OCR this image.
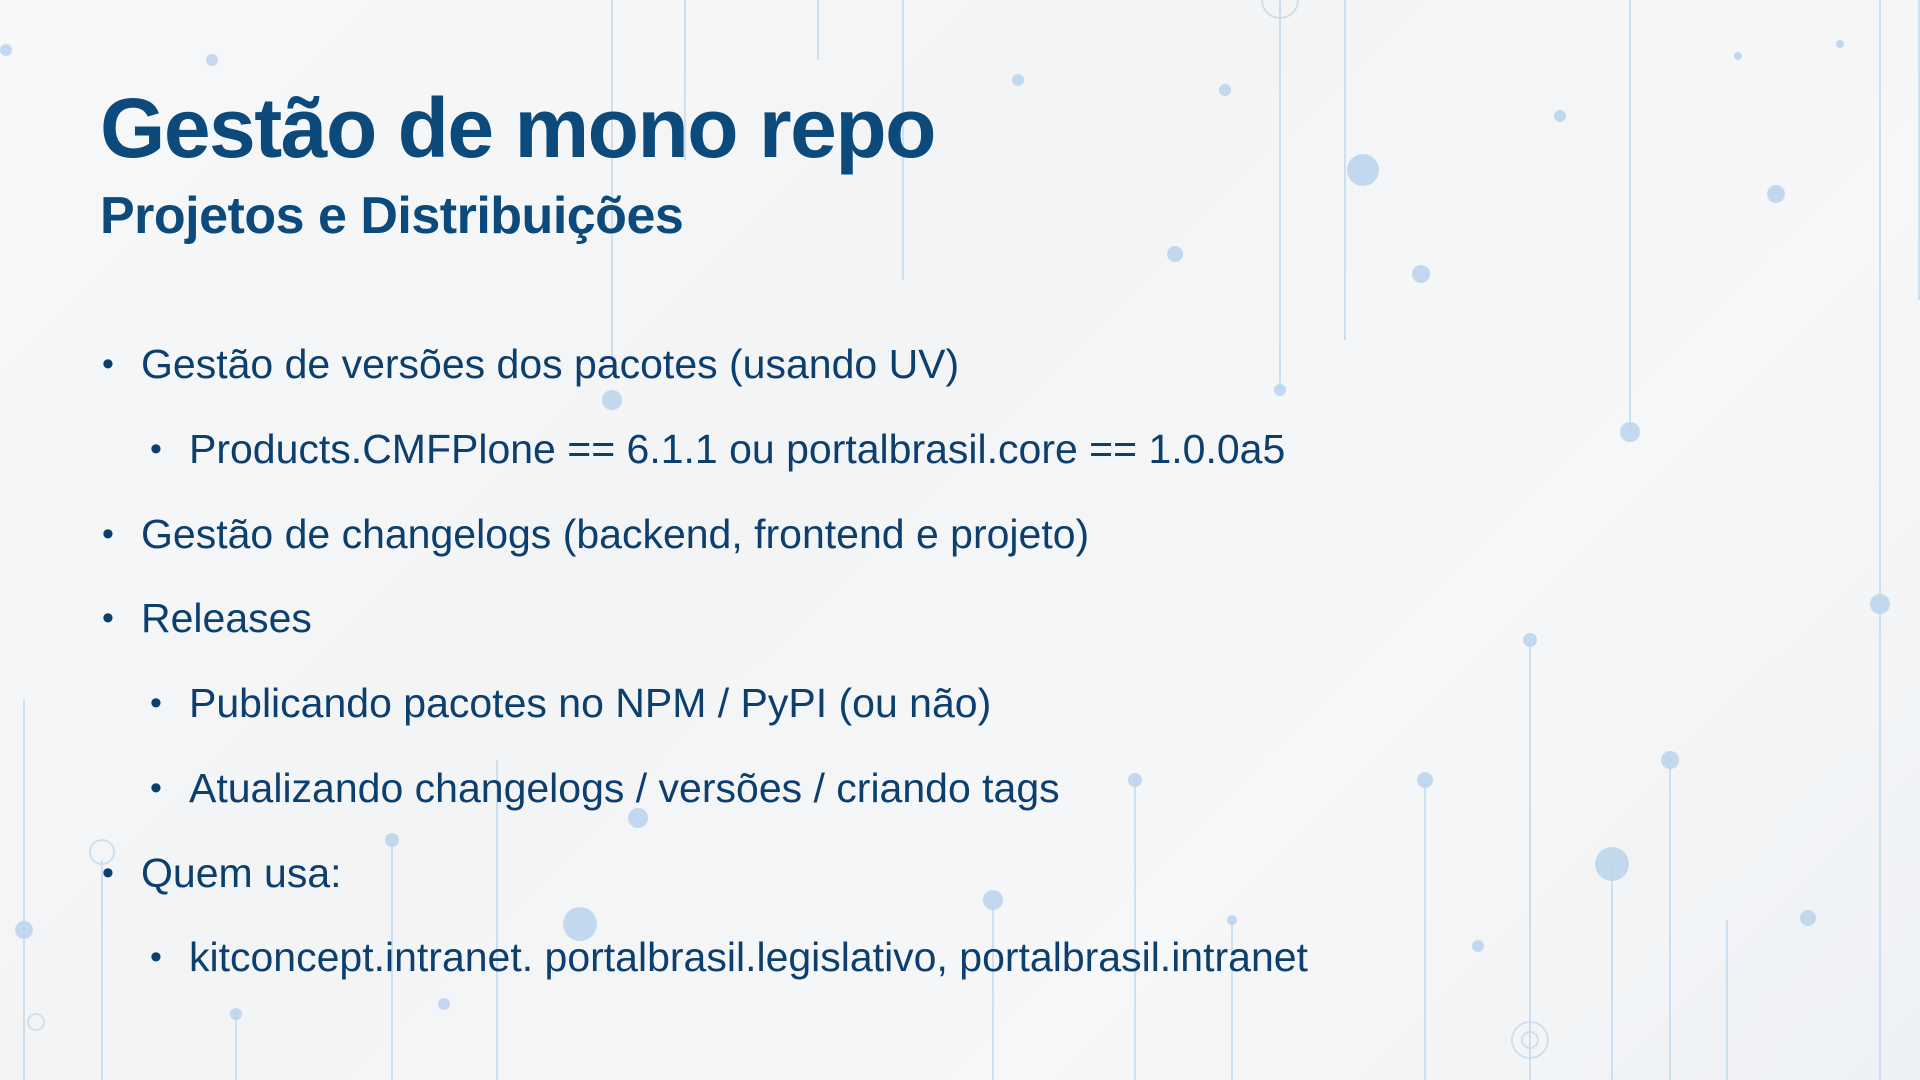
Gestão de mono repo
Projetos e Distribuições
• Gestão de versões dos pacotes (usando UV)
• Products.CMFPlone == 6.1.1 ou portalbrasil.core == 1.0.0a5
• Gestão de changelogs (backend, frontend e projeto)
• Releases
• Publicando pacotes no NPM / PyPI (ou não)
• Atualizando changelogs / versões / criando tags
• Quem usa:
• kitconcept.intranet. portalbrasil.legislativo, portalbrasil.intranet
